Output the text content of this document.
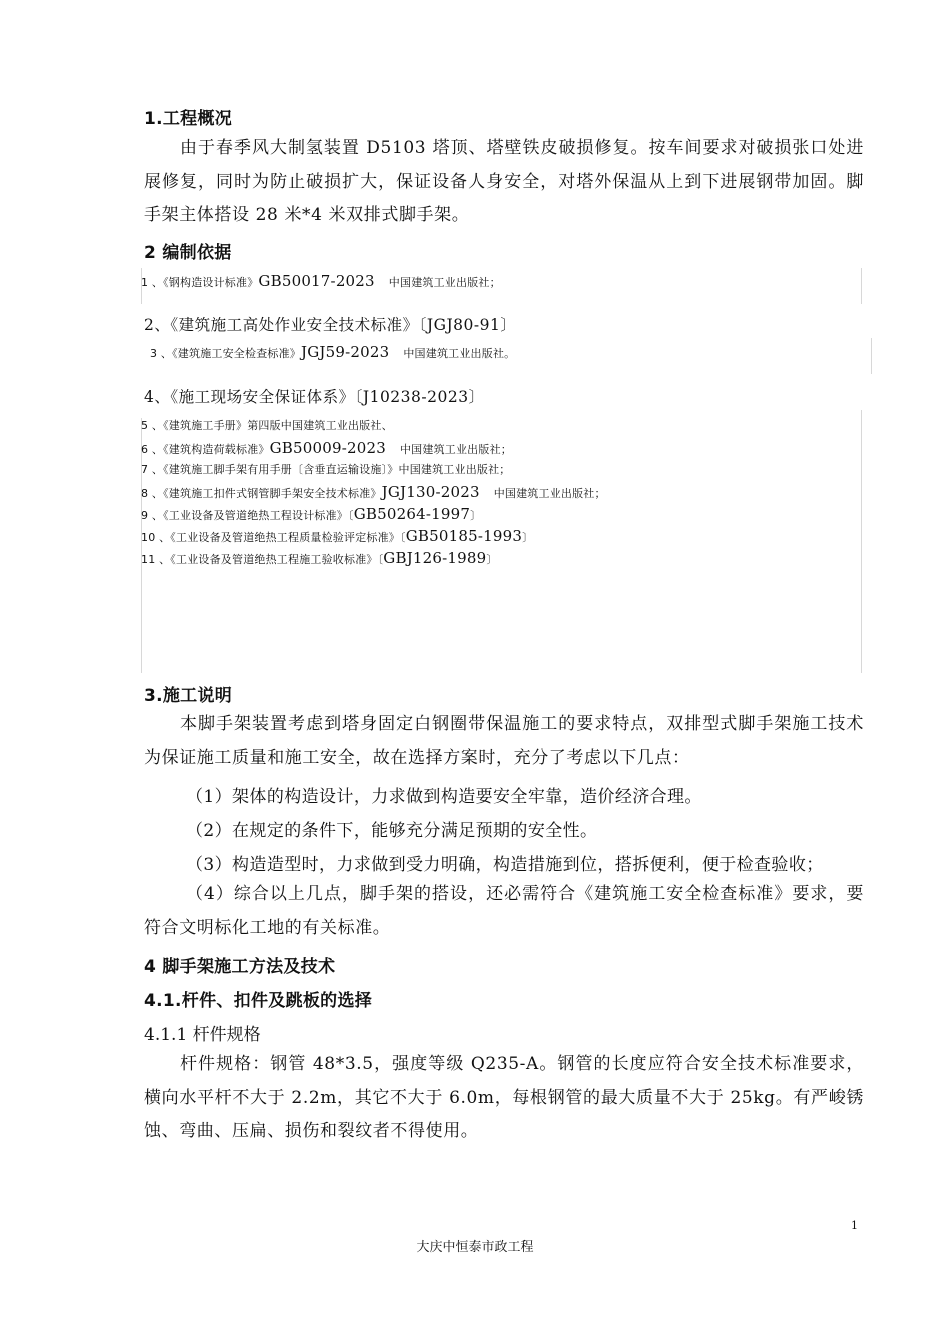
1.工程概况

由于春季风大制氢装置 D5103 塔顶、塔壁铁皮破损修复。按车间要求对破损张口处进展修复，同时为防止破损扩大，保证设备人身安全，对塔外保温从上到下进展钢带加固。脚手架主体搭设 28 米*4 米双排式脚手架。

2 编制依据
1 、《钢构造设计标准》GB50017-2023 中国建筑工业出版社；
2、《建筑施工高处作业安全技术标准》〔JGJ80-91〕
3 、《建筑施工安全检查标准》JGJ59-2023 中国建筑工业出版社。
4、《施工现场安全保证体系》〔J10238-2023〕
5 、《建筑施工手册》第四版中国建筑工业出版社、
6 、《建筑构造荷载标准》GB50009-2023 中国建筑工业出版社；
7 、《建筑施工脚手架有用手册〔含垂直运输设施〕》中国建筑工业出版社；
8 、《建筑施工扣件式钢管脚手架安全技术标准》JGJ130-2023 中国建筑工业出版社；
9 、《工业设备及管道绝热工程设计标准》〔GB50264-1997〕
10 、《工业设备及管道绝热工程质量检验评定标准》〔GB50185-1993〕
11 、《工业设备及管道绝热工程施工验收标准》〔GBJ126-1989〕
3.施工说明

本脚手架装置考虑到塔身固定白钢圈带保温施工的要求特点，双排型式脚手架施工技术为保证施工质量和施工安全，故在选择方案时，充分了考虑以下几点：

（1）架体的构造设计，力求做到构造要安全牢靠，造价经济合理。
（2）在规定的条件下，能够充分满足预期的安全性。
（3）构造造型时，力求做到受力明确，构造措施到位，搭拆便利，便于检查验收；

（4）综合以上几点，脚手架的搭设，还必需符合《建筑施工安全检查标准》要求，要符合文明标化工地的有关标准。

4 脚手架施工方法及技术
4.1.杆件、扣件及跳板的选择
4.1.1 杆件规格

杆件规格：钢管 48*3.5，强度等级 Q235-A。钢管的长度应符合安全技术标准要求，横向水平杆不大于 2.2m，其它不大于 6.0m，每根钢管的最大质量不大于 25kg。有严峻锈蚀、弯曲、压扁、损伤和裂纹者不得使用。

1
大庆中恒泰市政工程
